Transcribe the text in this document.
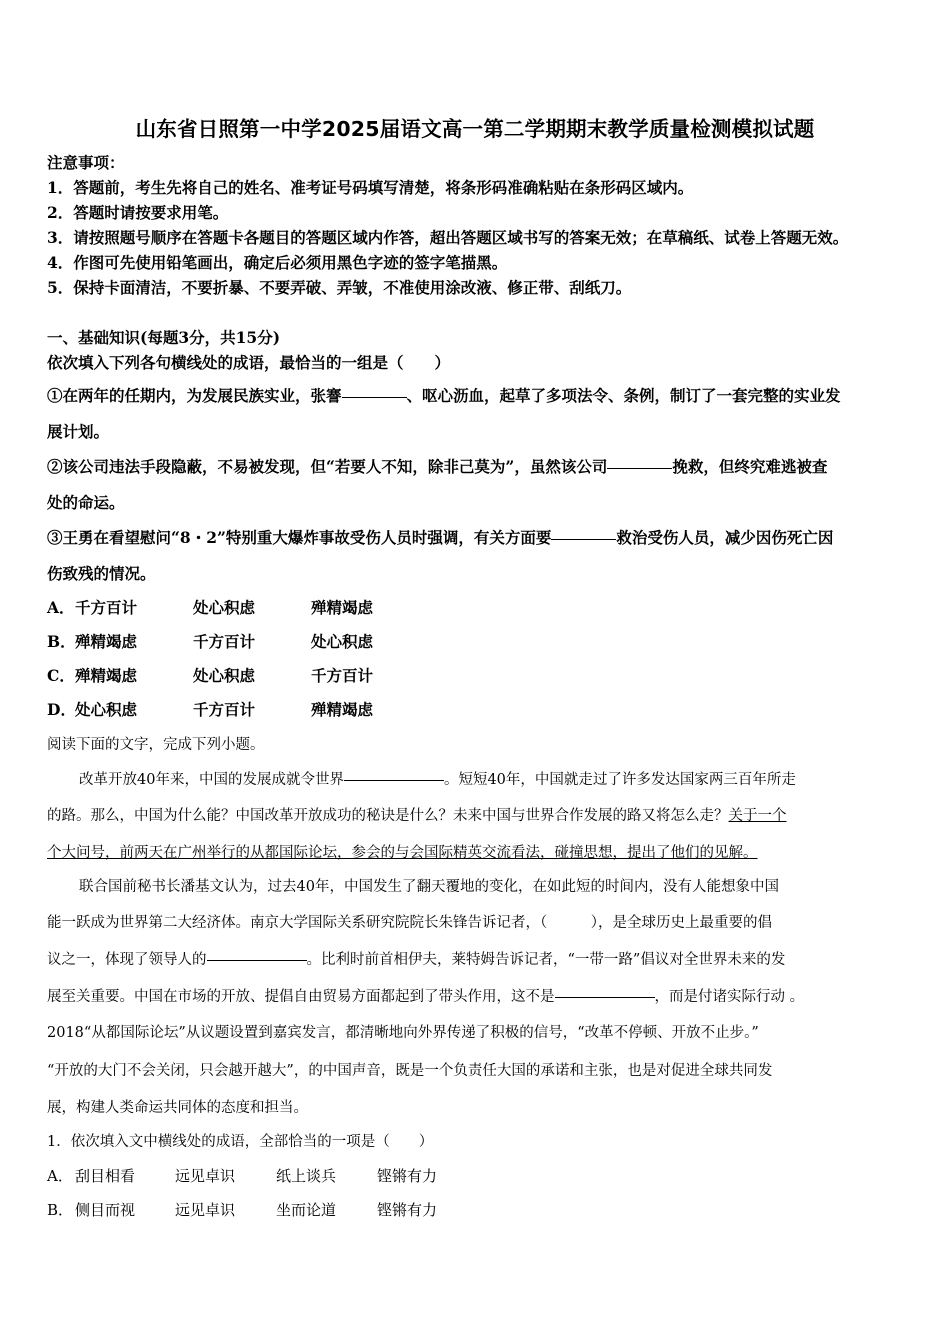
山东省日照第一中学2025届语文高一第二学期期末教学质量检测模拟试题
注意事项：
1．答题前，考生先将自己的姓名、准考证号码填写清楚，将条形码准确粘贴在条形码区域内。
2．答题时请按要求用笔。
3．请按照题号顺序在答题卡各题目的答题区域内作答，超出答题区域书写的答案无效；在草稿纸、试卷上答题无效。
4．作图可先使用铅笔画出，确定后必须用黑色字迹的签字笔描黑。
5．保持卡面清洁，不要折暴、不要弄破、弄皱，不准使用涂改液、修正带、刮纸刀。
一、基础知识(每题3分，共15分)
依次填入下列各句横线处的成语，最恰当的一组是（　　）
①在两年的任期内，为发展民族实业，张謇	、呕心沥血，起草了多项法令、条例，制订了一套完整的实业发
展计划。
②该公司违法手段隐蔽，不易被发现，但“若要人不知，除非己莫为”，虽然该公司	挽救，但终究难逃被查
处的命运。
③王勇在看望慰问“8・2”特别重大爆炸事故受伤人员时强调，有关方面要	救治受伤人员，减少因伤死亡因
伤致残的情况。
A．千方百计	处心积虑	殚精竭虑
B．殚精竭虑	千方百计	处心积虑
C．殚精竭虑	处心积虑	千方百计
D．处心积虑	千方百计	殚精竭虑
阅读下面的文字，完成下列小题。
改革开放40年来，中国的发展成就令世界	。短短40年，中国就走过了许多发达国家两三百年所走
的路。那么，中国为什么能？中国改革开放成功的秘诀是什么？未来中国与世界合作发展的路又将怎么走？关于一个
个大问号，前两天在广州举行的从都国际论坛，参会的与会国际精英交流看法，碰撞思想，提出了他们的见解。
联合国前秘书长潘基文认为，过去40年，中国发生了翻天覆地的变化，在如此短的时间内，没有人能想象中国
能一跃成为世界第二大经济体。南京大学国际关系研究院院长朱锋告诉记者，（　　　），是全球历史上最重要的倡
议之一，体现了领导人的	。比利时前首相伊夫，莱特姆告诉记者，“一带一路”倡议对全世界未来的发
展至关重要。中国在市场的开放、提倡自由贸易方面都起到了带头作用，这不是	，而是付诸实际行动 。
2018“从都国际论坛”从议题设置到嘉宾发言，都清晰地向外界传递了积极的信号，“改革不停顿、开放不止步。”
“开放的大门不会关闭，只会越开越大”，的中国声音，既是一个负责任大国的承诺和主张，也是对促进全球共同发
展，构建人类命运共同体的态度和担当。
1．依次填入文中横线处的成语，全部恰当的一项是（　　）
A． 刮目相看	远见卓识	纸上谈兵	铿锵有力
B． 侧目而视	远见卓识	坐而论道	铿锵有力
